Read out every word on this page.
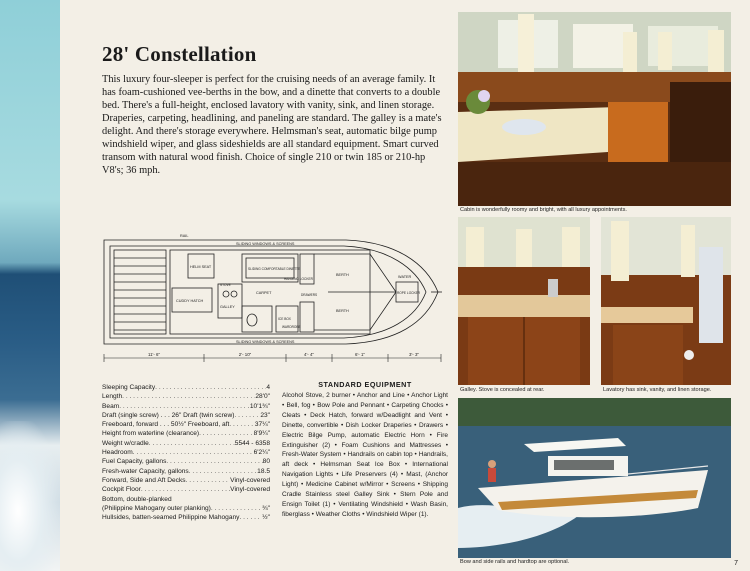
28' Constellation

This luxury four-sleeper is perfect for the cruising needs of an average family. It has foam-cushioned vee-berths in the bow, and a dinette that converts to a double bed. There's a full-height, enclosed lavatory with vanity, sink, and linen storage. Draperies, carpeting, headlining, and paneling are standard. The galley is a mate's delight. And there's storage everywhere. Helmsman's seat, automatic bilge pump windshield wiper, and glass sideshields are all standard equipment. Smart curved transom with natural wood finish. Choice of single 210 or twin 185 or 210-hp V8's; 36 mph.

RAIL
SLIDING WINDOWS & SCREENS
SLIDING WINDOWS & SCREENS
HELM SEAT	SLIDING COMFORTABLE DINETTE
CARPET
GALLEY
BERTH
BERTH
WATER
ROPE LOCKER
CUDDY HATCH
ICE BOX
HANGING LOCKER
WARDROBE
DRAWERS
STOVE
11'- 6"	2'- 10"	4'- 4"	6'- 1"	3'- 3"
Sleeping Capacity . . .	4
Length . . .	28'0"
Beam . . .	10'1¾"
Draft (single screw) . . . 26" Draft (twin screw) . . .	23"
Freeboard, forward . . . 50½" Freeboard, aft . . .	37¼"
Height from waterline (clearance) . . .	8'9¼"
Weight w/cradle . . .	5544 - 6358
Headroom . . .	6'2¼"
Fuel Capacity, gallons . . .	80
Fresh-water Capacity, gallons . . .	18.5
Forward, Side and Aft Decks . . .	Vinyl-covered
Cockpit Floor . . .	Vinyl-covered
Bottom, double-planked
(Philippine Mahogany outer planking) . . .	¾"
Hullsides, batten-seamed Philippine Mahogany . . .	½"
STANDARD EQUIPMENT

Alcohol Stove, 2 burner • Anchor and Line • Anchor Light • Bell, fog • Bow Pole and Pennant • Carpeting Chocks • Cleats • Deck Hatch, forward w/Deadlight and Vent • Dinette, convertible • Dish Locker Draperies • Drawers • Electric Bilge Pump, automatic Electric Horn • Fire Extinguisher (2) • Foam Cushions and Mattresses • Fresh-Water System • Handrails on cabin top • Handrails, aft deck • Helmsman Seat Ice Box • International Navigation Lights • Life Preservers (4) • Mast, (Anchor Light) • Medicine Cabinet w/Mirror • Screens • Shipping Cradle Stainless steel Galley Sink • Stern Pole and Ensign Toilet (1) • Ventilating Windshield • Wash Basin, fiberglass • Weather Cloths • Windshield Wiper (1).

Cabin is wonderfully roomy and bright, with all luxury appointments.
Galley. Stove is concealed at rear.	Lavatory has sink, vanity, and linen storage.
Bow and side rails and hardtop are optional.	7
